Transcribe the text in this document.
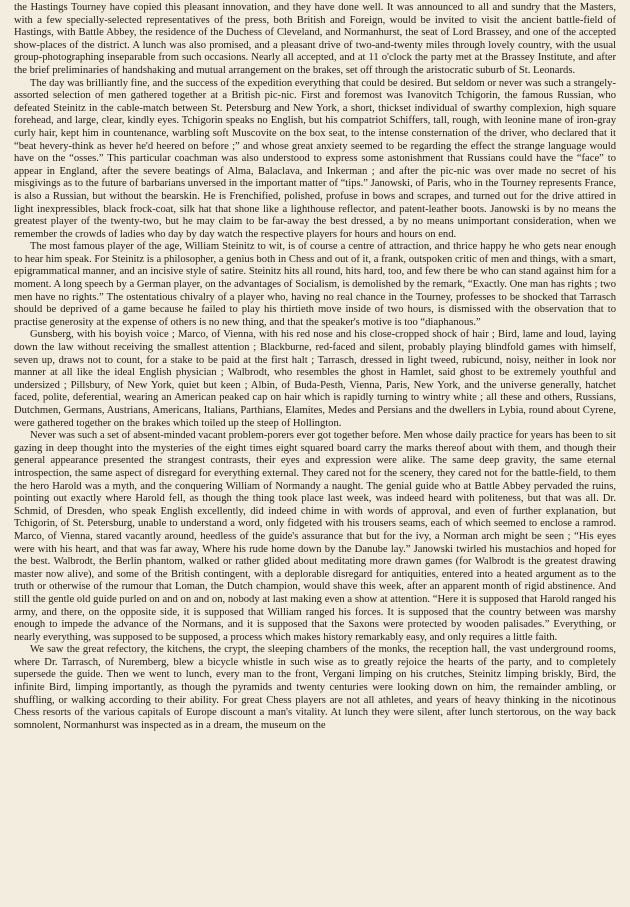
the Hastings Tourney have copied this pleasant innovation, and they have done well. It was announced to all and sundry that the Masters, with a few specially-selected representatives of the press, both British and Foreign, would be invited to visit the ancient battle-field of Hastings, with Battle Abbey, the residence of the Duchess of Cleveland, and Normanhurst, the seat of Lord Brassey, and one of the accepted show-places of the district. A lunch was also promised, and a pleasant drive of two-and-twenty miles through lovely country, with the usual group-photographing inseparable from such occasions. Nearly all accepted, and at 11 o'clock the party met at the Brassey Institute, and after the brief preliminaries of handshaking and mutual arrangement on the brakes, set off through the aristocratic suburb of St. Leonards.

The day was brilliantly fine, and the success of the expedition everything that could be desired. But seldom or never was such a strangely-assorted selection of men gathered together at a British pic-nic. First and foremost was Ivanovitch Tchigorin, the famous Russian, who defeated Steinitz in the cable-match between St. Petersburg and New York, a short, thickset individual of swarthy complexion, high square forehead, and large, clear, kindly eyes. Tchigorin speaks no English, but his compatriot Schiffers, tall, rough, with leonine mane of iron-gray curly hair, kept him in countenance, warbling soft Muscovite on the box seat, to the intense consternation of the driver, who declared that it “beat hevery-think as hever he'd heered on before ;” and whose great anxiety seemed to be regarding the effect the strange language would have on the “osses.” This particular coachman was also understood to express some astonishment that Russians could have the “face” to appear in England, after the severe beatings of Alma, Balaclava, and Inkerman ; and after the pic-nic was over made no secret of his misgivings as to the future of barbarians unversed in the important matter of “tips.” Janowski, of Paris, who in the Tourney represents France, is also a Russian, but without the bearskin. He is Frenchified, polished, profuse in bows and scrapes, and turned out for the drive attired in light inexpressibles, black frock-coat, silk hat that shone like a lighthouse reflector, and patent-leather boots. Janowski is by no means the greatest player of the twenty-two, but he may claim to be far-away the best dressed, a by no means unimportant consideration, when we remember the crowds of ladies who day by day watch the respective players for hours and hours on end.

The most famous player of the age, William Steinitz to wit, is of course a centre of attraction, and thrice happy he who gets near enough to hear him speak. For Steinitz is a philosopher, a genius both in Chess and out of it, a frank, outspoken critic of men and things, with a smart, epigrammatical manner, and an incisive style of satire. Steinitz hits all round, hits hard, too, and few there be who can stand against him for a moment. A long speech by a German player, on the advantages of Socialism, is demolished by the remark, “Exactly. One man has rights ; two men have no rights.” The ostentatious chivalry of a player who, having no real chance in the Tourney, professes to be shocked that Tarrasch should be deprived of a game because he failed to play his thirtieth move inside of two hours, is dismissed with the observation that to practise generosity at the expense of others is no new thing, and that the speaker's motive is too “diaphanous.”

Gunsberg, with his boyish voice ; Marco, of Vienna, with his red nose and his close-cropped shock of hair ; Bird, lame and loud, laying down the law without receiving the smallest attention ; Blackburne, red-faced and silent, probably playing blindfold games with himself, seven up, draws not to count, for a stake to be paid at the first halt ; Tarrasch, dressed in light tweed, rubicund, noisy, neither in look nor manner at all like the ideal English physician ; Walbrodt, who resembles the ghost in Hamlet, said ghost to be extremely youthful and undersized ; Pillsbury, of New York, quiet but keen ; Albin, of Buda-Pesth, Vienna, Paris, New York, and the universe generally, hatchet faced, polite, deferential, wearing an American peaked cap on hair which is rapidly turning to wintry white ; all these and others, Russians, Dutchmen, Germans, Austrians, Americans, Italians, Parthians, Elamites, Medes and Persians and the dwellers in Lybia, round about Cyrene, were gathered together on the brakes which toiled up the steep of Hollington.

Never was such a set of absent-minded vacant problem-porers ever got together before. Men whose daily practice for years has been to sit gazing in deep thought into the mysteries of the eight times eight squared board carry the marks thereof about with them, and though their general appearance presented the strangest contrasts, their eyes and expression were alike. The same deep gravity, the same eternal introspection, the same aspect of disregard for everything external. They cared not for the scenery, they cared not for the battle-field, to them the hero Harold was a myth, and the conquering William of Normandy a naught. The genial guide who at Battle Abbey pervaded the ruins, pointing out exactly where Harold fell, as though the thing took place last week, was indeed heard with politeness, but that was all. Dr. Schmid, of Dresden, who speak English excellently, did indeed chime in with words of approval, and even of further explanation, but Tchigorin, of St. Petersburg, unable to understand a word, only fidgeted with his trousers seams, each of which seemed to enclose a ramrod. Marco, of Vienna, stared vacantly around, heedless of the guide's assurance that but for the ivy, a Norman arch might be seen ; “His eyes were with his heart, and that was far away, Where his rude home down by the Danube lay.” Janowski twirled his mustachios and hoped for the best. Walbrodt, the Berlin phantom, walked or rather glided about meditating more drawn games (for Walbrodt is the greatest drawing master now alive), and some of the British contingent, with a deplorable disregard for antiquities, entered into a heated argument as to the truth or otherwise of the rumour that Loman, the Dutch champion, would shave this week, after an apparent month of rigid abstinence. And still the gentle old guide purled on and on and on, nobody at last making even a show at attention. “Here it is supposed that Harold ranged his army, and there, on the opposite side, it is supposed that William ranged his forces. It is supposed that the country between was marshy enough to impede the advance of the Normans, and it is supposed that the Saxons were protected by wooden palisades.” Everything, or nearly everything, was supposed to be supposed, a process which makes history remarkably easy, and only requires a little faith.

We saw the great refectory, the kitchens, the crypt, the sleeping chambers of the monks, the reception hall, the vast underground rooms, where Dr. Tarrasch, of Nuremberg, blew a bicycle whistle in such wise as to greatly rejoice the hearts of the party, and to completely supersede the guide. Then we went to lunch, every man to the front, Vergani limping on his crutches, Steinitz limping briskly, Bird, the infinite Bird, limping importantly, as though the pyramids and twenty centuries were looking down on him, the remainder ambling, or shuffling, or walking according to their ability. For great Chess players are not all athletes, and years of heavy thinking in the nicotinous Chess resorts of the various capitals of Europe discount a man's vitality. At lunch they were silent, after lunch stertorous, on the way back somnolent, Normanhurst was inspected as in a dream, the museum on the
